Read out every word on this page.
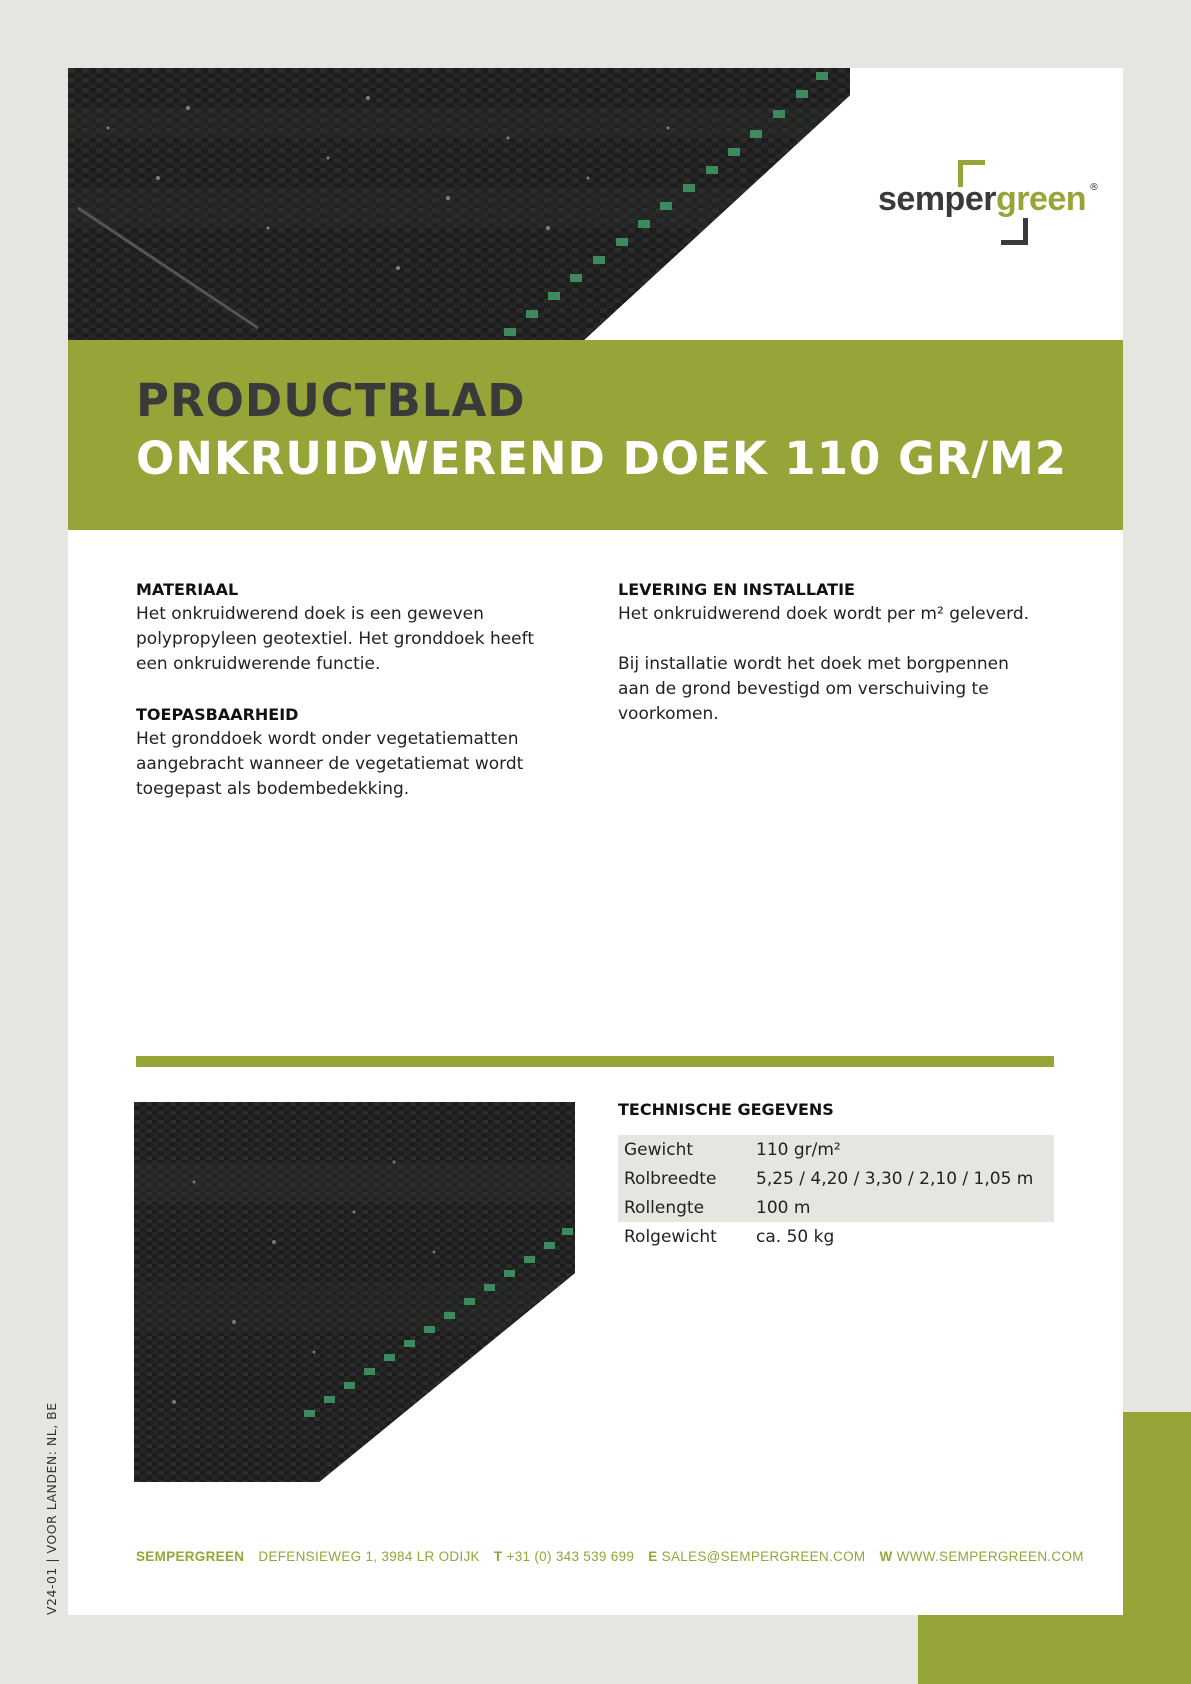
sempergreen ®
PRODUCTBLAD
ONKRUIDWEREND DOEK 110 GR/M2
MATERIAAL

Het onkruidwerend doek is een geweven polypropyleen geotextiel. Het gronddoek heeft een onkruidwerende functie.

TOEPASBAARHEID

Het gronddoek wordt onder vegetatiematten aangebracht wanneer de vegetatiemat wordt toegepast als bodembedekking.

LEVERING EN INSTALLATIE

Het onkruidwerend doek wordt per m² geleverd.

Bij installatie wordt het doek met borgpennen aan de grond bevestigd om verschuiving te voorkomen.

TECHNISCHE GEGEVENS
Gewicht	110 gr/m²
Rolbreedte	5,25 / 4,20 / 3,30 / 2,10 / 1,05 m
Rollengte	100 m
Rolgewicht	ca. 50 kg
SEMPERGREEN DEFENSIEWEG 1, 3984 LR ODIJK T +31 (0) 343 539 699 E SALES@SEMPERGREEN.COM W WWW.SEMPERGREEN.COM
V24-01 | VOOR LANDEN: NL, BE
